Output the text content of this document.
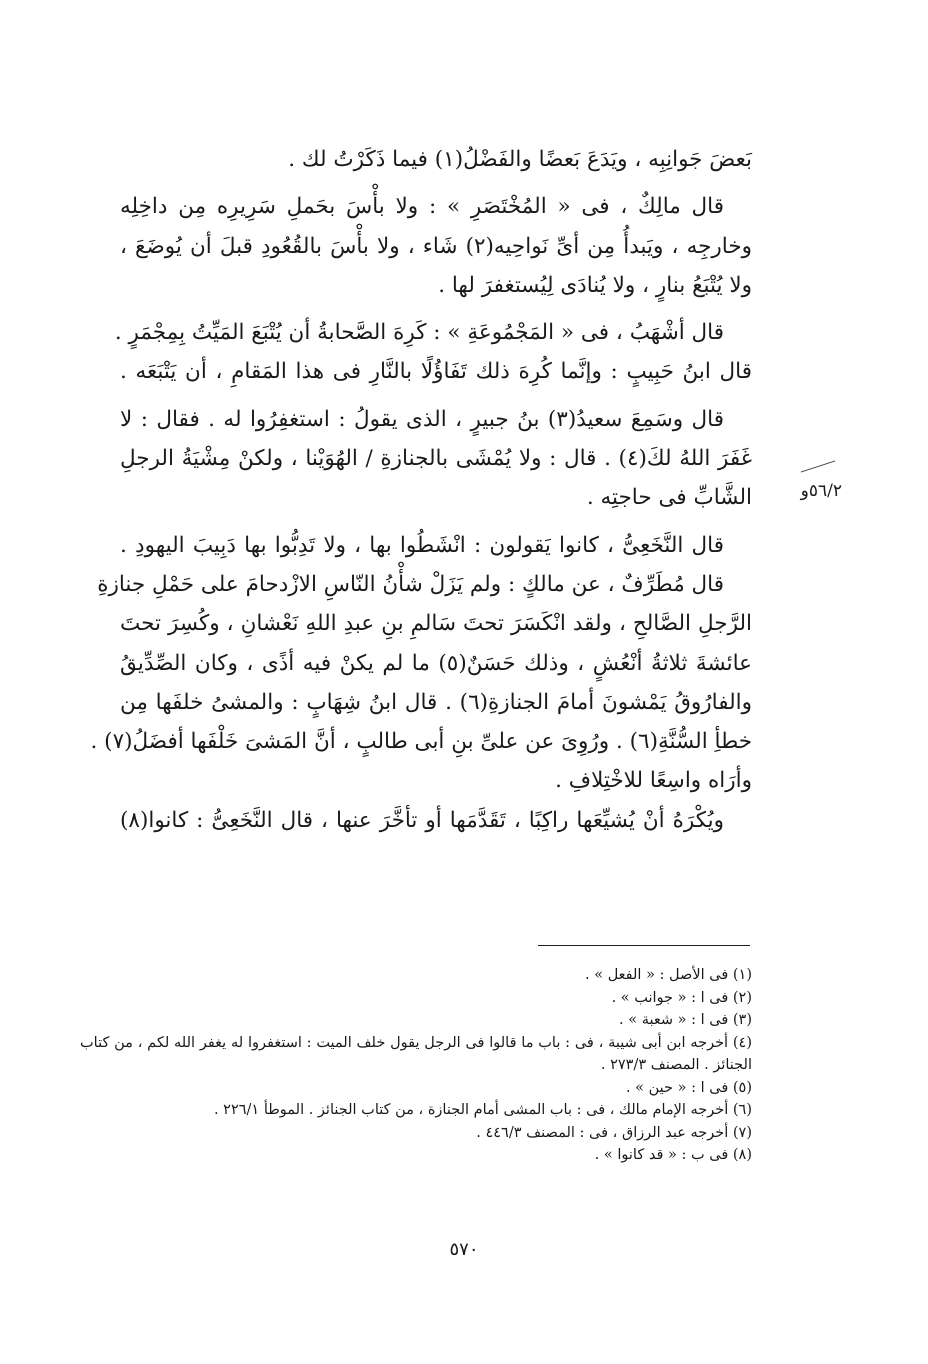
بَعضَ جَوانِبِه ، ويَدَعَ بَعضًا والفَضْلُ(١) فيما ذَكَرْتُ لك .
قال مالِكٌ ، فى « المُخْتَصَرِ » : ولا بأْسَ بحَملِ سَرِيرِه مِن داخِلِه
وخارجِه ، ويَبدأُ مِن أىِّ نَواحِيه(٢) شَاء ، ولا بأْسَ بالقُعُودِ قبلَ أن يُوضَعَ ،
ولا يُتْبَعُ بنارٍ ، ولا يُنادَى لِيُستغفرَ لها .
قال أشْهَبُ ، فى « المَجْمُوعَةِ » : كَرِهَ الصَّحابةُ أن يُتْبَعَ المَيِّتُ بِمِجْمَرٍ .
قال ابنُ حَبِيبٍ : وإنَّما كُرِهَ ذلك تَفَاؤُلًا بالنَّارِ فى هذا المَقامِ ، أن يَتْبَعَه .
قال وسَمِعَ سعيدُ(٣) بنُ جبيرٍ ، الذى يقولُ : استغفِرُوا له . فقال : لا
غَفَرَ اللهُ لكَ(٤) . قال : ولا يُمْشَى بالجنازةِ / الهُوَيْنا ، ولكنْ مِشْيَةُ الرجلِ
الشَّابِّ فى حاجتِه .
قال النَّخَعِىُّ ، كانوا يَقولون : انْشَطُوا بها ، ولا تَدِبُّوا بها دَبِيبَ اليهودِ .
قال مُطَرِّفٌ ، عن مالكٍ : ولم يَزَلْ شأْنُ النّاسِ الازْدحامَ على حَمْلِ جنازةِ
الرَّجلِ الصَّالحِ ، ولقد انْكَسَرَ تحتَ سَالمِ بنِ عبدِ اللهِ نَعْشانِ ، وكُسِرَ تحتَ
عائشةَ ثلاثةُ أنْعُشٍ ، وذلك حَسَنٌ(٥) ما لم يكنْ فيه أذًى ، وكان الصِّدِّيقُ
والفارُوقُ يَمْشونَ أمامَ الجنازةِ(٦) . قال ابنُ شِهَابٍ : والمشىُ خلفَها مِن
خطأِ السُّنَّةِ(٦) . ورُوِىَ عن علىِّ بنِ أبى طالبٍ ، أنَّ المَشىَ خَلْفَها أفضَلُ(٧) .
وأرَاه واسِعًا للاخْتِلافِ .
ويُكْرَهُ أنْ يُشيِّعَها راكِبًا ، تَقَدَّمَها أو تأخَّرَ عنها ، قال النَّخَعِىُّ : كانوا(٨)
٥٦/٢و
(١) فى الأصل : « الفعل » .
(٢) فى ا : « جوانب » .
(٣) فى ا : « شعبة » .
(٤) أخرجه ابن أبى شيبة ، فى : باب ما قالوا فى الرجل يقول خلف الميت : استغفروا له يغفر الله لكم ، من كتاب الجنائز . المصنف ٢٧٣/٣ .
(٥) فى ا : « حين » .
(٦) أخرجه الإمام مالك ، فى : باب المشى أمام الجنازة ، من كتاب الجنائز . الموطأ ٢٢٦/١ .
(٧) أخرجه عبد الرزاق ، فى : المصنف ٤٤٦/٣ .
(٨) فى ب : « قد كانوا » .
٥٧٠
